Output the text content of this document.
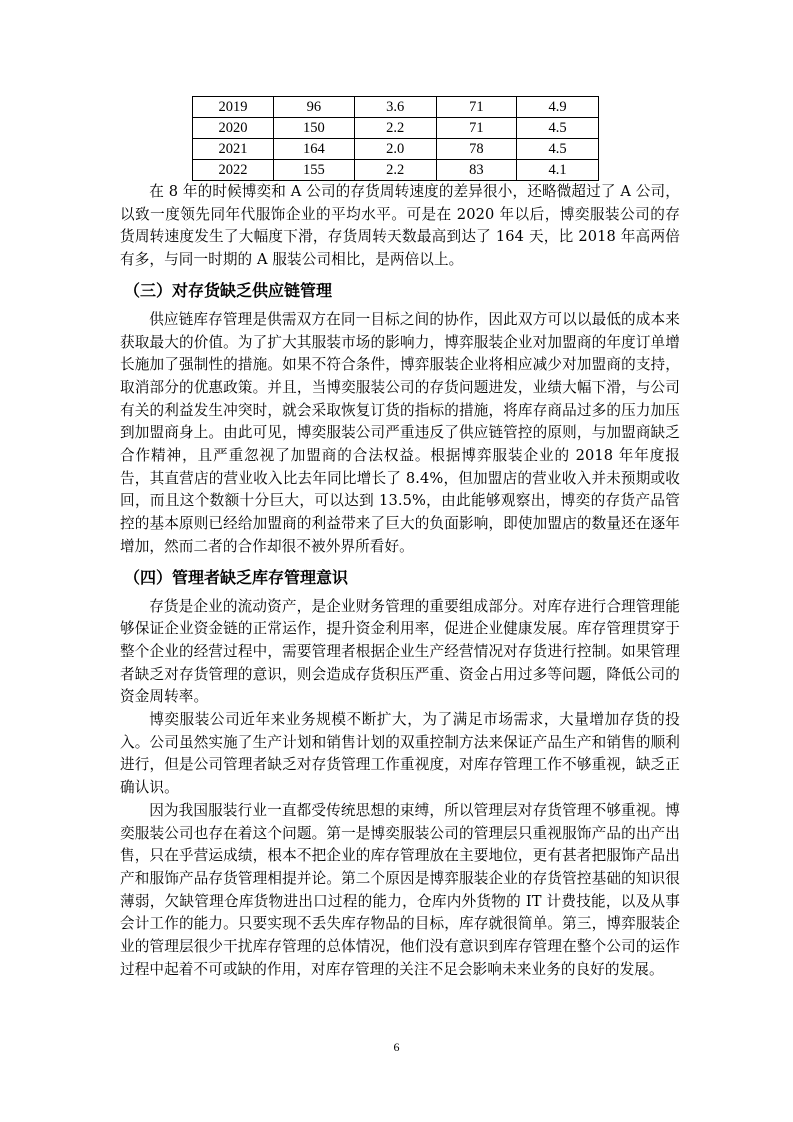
2019	96	3.6	71	4.9
2020	150	2.2	71	4.5
2021	164	2.0	78	4.5
2022	155	2.2	83	4.1

在 8 年的时候博奕和 A 公司的存货周转速度的差异很小，还略微超过了 A 公司，以致一度领先同年代服饰企业的平均水平。可是在 2020 年以后，博奕服装公司的存货周转速度发生了大幅度下滑，存货周转天数最高到达了 164 天，比 2018 年高两倍有多，与同一时期的 A 服装公司相比，是两倍以上。

（三）对存货缺乏供应链管理

供应链库存管理是供需双方在同一目标之间的协作，因此双方可以以最低的成本来获取最大的价值。为了扩大其服装市场的影响力，博弈服装企业对加盟商的年度订单增长施加了强制性的措施。如果不符合条件，博弈服装企业将相应减少对加盟商的支持，取消部分的优惠政策。并且，当博奕服装公司的存货问题进发，业绩大幅下滑，与公司有关的利益发生冲突时，就会采取恢复订货的指标的措施，将库存商品过多的压力加压到加盟商身上。由此可见，博奕服装公司严重违反了供应链管控的原则，与加盟商缺乏合作精神，且严重忽视了加盟商的合法权益。根据博弈服装企业的 2018 年年度报告，其直营店的营业收入比去年同比增长了 8.4%，但加盟店的营业收入并未预期或收回，而且这个数额十分巨大，可以达到 13.5%，由此能够观察出，博奕的存货产品管控的基本原则已经给加盟商的利益带来了巨大的负面影响，即使加盟店的数量还在逐年增加，然而二者的合作却很不被外界所看好。

（四）管理者缺乏库存管理意识

存货是企业的流动资产，是企业财务管理的重要组成部分。对库存进行合理管理能够保证企业资金链的正常运作，提升资金利用率，促进企业健康发展。库存管理贯穿于整个企业的经营过程中，需要管理者根据企业生产经营情况对存货进行控制。如果管理者缺乏对存货管理的意识，则会造成存货积压严重、资金占用过多等问题，降低公司的资金周转率。

博奕服装公司近年来业务规模不断扩大，为了满足市场需求，大量增加存货的投入。公司虽然实施了生产计划和销售计划的双重控制方法来保证产品生产和销售的顺利进行，但是公司管理者缺乏对存货管理工作重视度，对库存管理工作不够重视，缺乏正确认识。

因为我国服装行业一直都受传统思想的束缚，所以管理层对存货管理不够重视。博奕服装公司也存在着这个问题。第一是博奕服装公司的管理层只重视服饰产品的出产出售，只在乎营运成绩，根本不把企业的库存管理放在主要地位，更有甚者把服饰产品出产和服饰产品存货管理相提并论。第二个原因是博弈服装企业的存货管控基础的知识很薄弱，欠缺管理仓库货物进出口过程的能力，仓库内外货物的 IT 计费技能，以及从事会计工作的能力。只要实现不丢失库存物品的目标，库存就很简单。第三，博弈服装企业的管理层很少干扰库存管理的总体情况，他们没有意识到库存管理在整个公司的运作过程中起着不可或缺的作用，对库存管理的关注不足会影响未来业务的良好的发展。

6
